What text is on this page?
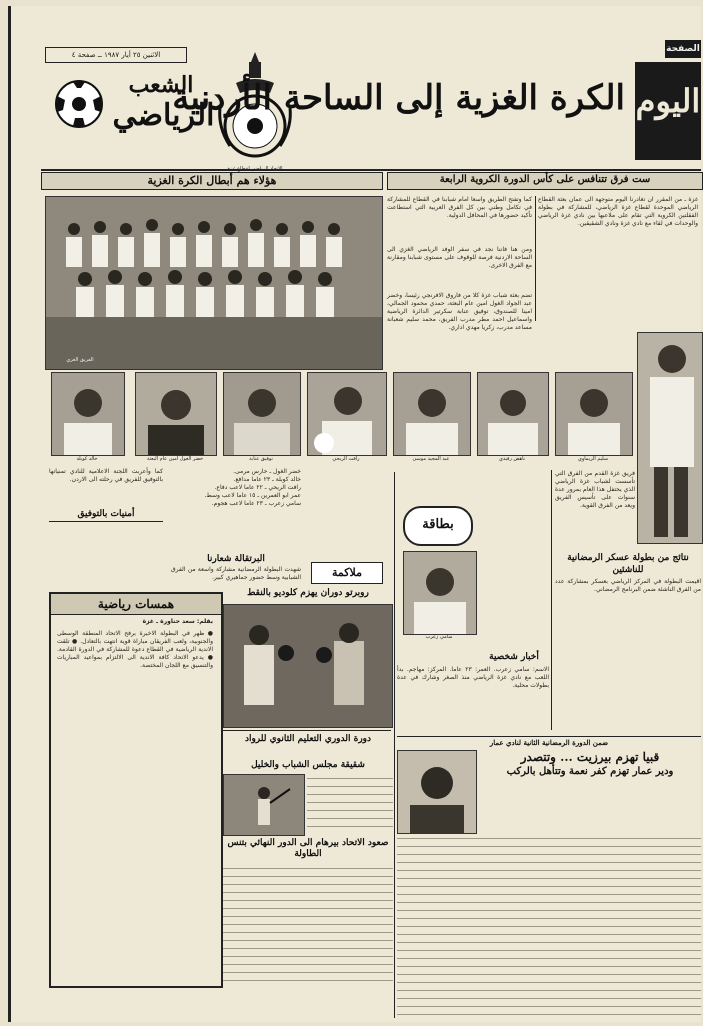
الاثنين ٢٥ أيار ١٩٨٧ ــ صفحة ٤
الشعب
الرياضي
الكرة الغزية إلى الساحة الأردنية اليوم
الصفحة
هؤلاء هم أبطال الكرة الغزية	ست فرق تتنافس على كأس الدورة الكروية الرابعة
الفريق الغزي
غزة ـ من المقرر ان تغادرنا اليوم متوجهة الى عمان بعثة القطاع الرياضي الموحدة لقطاع غزة الرياضي، للمشاركة في بطولة الفقلتين الكروية التي تقام على ملاعبها بين نادي غزة الرياضي والوحدات في لقاء مع نادي غزة ونادي الشقيقين.
كما وتفتح الطريق واسعا امام شبابنا في القطاع للمشاركة في تكامل وطني بين كل الفرق العربية التي استطاعت تأكيد حضورها في المحافل الدولية.
ومن هنا فاننا نجد في سفر الوفد الرياضي الغزي الى الساحة الاردنية فرصة للوقوف على مستوى شبابنا ومقارنة مع الفرق الاخرى.
تضم بعثة شباب غزة كلا من فاروق الافرنجي رئيسا، وخضر عبد الجواد الغول امين عام البعثة، حمدي محمود الجمالي، امينا للصندوق، توفيق عنابة سكرتير الدائرة الرياضية واسماعيل احمد مطر مدرب الفريق، محمد سليم شعبانة مساعد مدرب، زكريا مهدي اداري.
خالد كوبلة	خضر الغول امين عام البعثة	توفيق عنابة	رافت الريحي	عبد المجيد موسى	ناهض رفيدي	سليم الريماوي
خضر الغول ـ حارس مرمى.
خالد كوبلة ـ ٢٣ عاما مدافع.
رافت الريحي ـ ٢٢ عاما لاعب دفاع.
عمر ابو العمرين ـ ١٥ عاما لاعب وسط.
سامي زعرب ـ ٢٣ عاما لاعب هجوم.
كما وأعربت اللجنة الاعلامية للنادي تمنياتها بالتوفيق للفريق في رحلته الى الاردن.
أمنيات بالتوفيق
البرتقالة شعارنا
شهدت البطولة الرمضانية مشاركة واسعة من الفرق الشبابية وسط حضور جماهيري كبير.
فريق غزة القدم من الفرق التي تأسست لشباب غزة الرياضي الذي يحتفل هذا العام بمرور عدة سنوات على تأسيس الفريق ويعد من الفرق القوية.
نتائج من بطولة عسكر الرمضانية للناشئين
اقيمت البطولة في المركز الرياضي بعسكر بمشاركة عدد من الفرق الناشئة ضمن البرنامج الرمضاني.
همسات رياضية
بقلم: سعد حناورة ـ غزة
● ظهر في البطولة الاخيرة برفح الاتحاد المنطقة الوسطى والجنوبية، ولعب الفريقان مباراة قوية انتهت بالتعادل. ● تلقت الاندية الرياضية في القطاع دعوة للمشاركة في الدورة القادمة. ● يدعو الاتحاد كافة الاندية الى الالتزام بمواعيد المباريات والتنسيق مع اللجان المختصة.
ملاكمة
روبرتو دوران يهزم كلوديو بالنقط
بطاقة
سامي زعرب
أخبار شخصية
الاسم: سامي زعرب. العمر: ٢٣ عاما. المركز: مهاجم. بدأ اللعب مع نادي غزة الرياضي منذ الصغر وشارك في عدة بطولات محلية.
ضمن الدورة الرمضانية الثانية لنادي عمار
قبيا تهزم بيرزيت ... وتتصدر
ودير عمار تهزم كفر نعمة وتتأهل بالركب
دورة الدوري التعليم الثانوي للرواد
شقيقة مجلس الشباب والخليل
صعود الاتحاد بيرهام الى الدور النهائي بتنس الطاولة
